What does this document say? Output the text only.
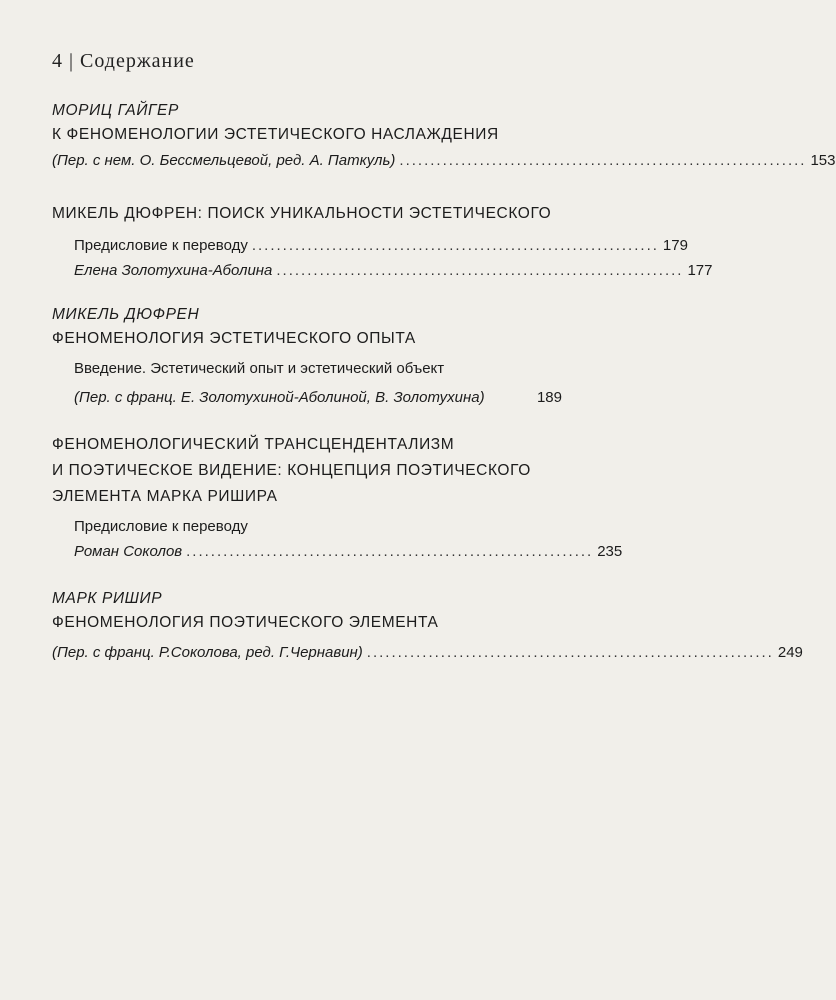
4 | Содержание
МОРИЦ ГАЙГЕР
К ФЕНОМЕНОЛОГИИ ЭСТЕТИЧЕСКОГО НАСЛАЖДЕНИЯ
(Пер. с нем. О. Бессмельцевой, ред. А. Паткуль) .................................................................. 153
МИКЕЛЬ ДЮФРЕН: ПОИСК УНИКАЛЬНОСТИ ЭСТЕТИЧЕСКОГО
Предисловие к переводу .................................................................. 179
Елена Золотухина-Аболина .................................................................. 177
МИКЕЛЬ ДЮФРЕН
ФЕНОМЕНОЛОГИЯ ЭСТЕТИЧЕСКОГО ОПЫТА
Введение. Эстетический опыт и эстетический объект
(Пер. с франц. Е. Золотухиной-Аболиной, В. Золотухина)	189
ФЕНОМЕНОЛОГИЧЕСКИЙ ТРАНСЦЕНДЕНТАЛИЗМ
И ПОЭТИЧЕСКОЕ ВИДЕНИЕ: КОНЦЕПЦИЯ ПОЭТИЧЕСКОГО
ЭЛЕМЕНТА МАРКА РИШИРА
Предисловие к переводу
Роман Соколов .................................................................. 235
МАРК РИШИР
ФЕНОМЕНОЛОГИЯ ПОЭТИЧЕСКОГО ЭЛЕМЕНТА
(Пер. с франц. Р.Соколова, ред. Г.Чернавин) .................................................................. 249
